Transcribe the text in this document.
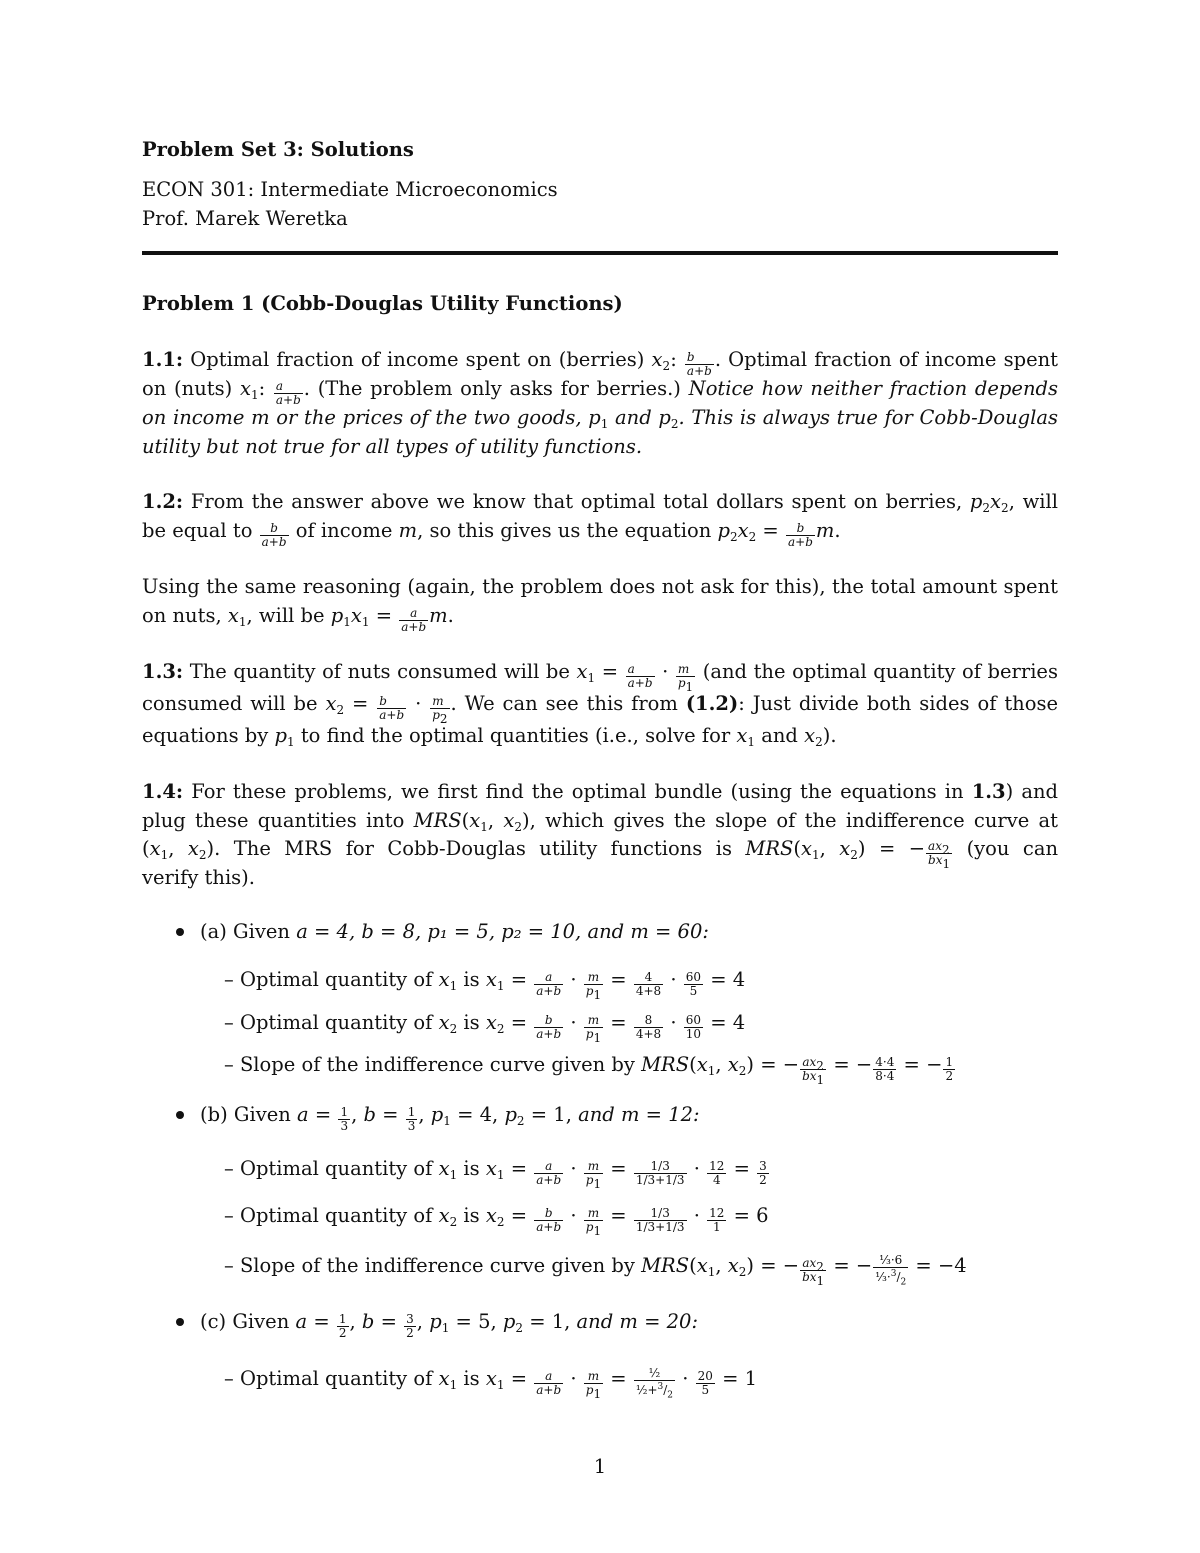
Problem Set 3: Solutions
ECON 301: Intermediate Microeconomics
Prof. Marek Weretka
Problem 1 (Cobb-Douglas Utility Functions)
1.1: Optimal fraction of income spent on (berries) $x_2$: $\frac{b}{a+b}$ . Optimal fraction of income spent
on (nuts) $x_1$: $\frac{a}{a+b}$ . (The problem only asks for berries.) Notice how neither fraction depends
on income m or the prices of the two goods, $p_1$ and $p_2$. This is always true for Cobb-Douglas
utility but not true for all types of utility functions.
1.2: From the answer above we know that optimal total dollars spent on berries, $p_2x_2$, will
be equal to $\frac{b}{a+b}$ of income m, so this gives us the equation $p_2x_2 = \frac{b}{a+b} m$.
Using the same reasoning (again, the problem does not ask for this), the total amount spent
on nuts, $x_1$, will be $p_1x_1 = \frac{a}{a+b} m$.
1.3: The quantity of nuts consumed will be $x_1 = \frac{a}{a+b} \cdot \frac{m}{p_1} (and$ the optimal quantity of berries
consumed will be $x_2 = \frac{b}{a+b} \cdot \frac{m}{p_2}$ . We can see this from (1.2): Just divide both sides of those
equations by $p_1$ to find the optimal quantities (i.e., solve for $x_1$ and $x_2$).
1.4: For these problems, we first find the optimal bundle (using the equations in 1.3) and
plug these quantities into $MRS(x_1$, $x_2$), which gives the slope of the indifference curve at
($x_1$, $x_2$). The MRS for Cobb-Douglas utility functions is $MRS(x_1$, $x_2$) = − $\frac{ax_2}{bx_1} (you$ can
verify this).
(a) Given a = 4, b = 8, p₁ = 5, p₂ = 10, and m = 60:
– Optimal quantity of $x_1$ is $x_1 = \frac{a}{a+b} \cdot \frac{m}{p_1} = \frac{4}{4+8} \cdot \frac{60}{5} = 4$
– Optimal quantity of $x_2$ is $x_2 = \frac{b}{a+b} \cdot \frac{m}{p_1} = \frac{8}{4+8} \cdot \frac{60}{10} = 4$
– Slope of the indifference curve given by $MRS(x_1$, $x_2$) = − $\frac{ax_2}{bx_1}$ = − $\frac{4\cdot 4}{8\cdot 4}$ = − $\frac{1}{2}$
(b) Given $a = \frac{1}{3}$ , $b = \frac{1}{3}$ , $p_1 = 4$, $p_2 = 1$, and m = 12:
– Optimal quantity of $x_1$ is $x_1 = \frac{a}{a+b} \cdot \frac{m}{p_1} = \frac{1/3}{1/3+1/3} \cdot \frac{12}{4} = \frac{3}{2}$
– Optimal quantity of $x_2$ is $x_2 = \frac{b}{a+b} \cdot \frac{m}{p_1} = \frac{1/3}{1/3+1/3} \cdot \frac{12}{1} = 6$
– Slope of the indifference curve given by $MRS(x_1$, $x_2$) = − $\frac{ax_2}{bx_1}$ = − $\frac{\text{⅓·6}}{\frac{1}{3}\cdot^3/_2} = -4$
(c) Given $a = \frac{1}{2}$ , $b = \frac{3}{2}$ , $p_1 = 5$, $p_2 = 1$, and m = 20:
– Optimal quantity of $x_1$ is $x_1 = \frac{a}{a+b} \cdot \frac{m}{p_1} = \frac{\text{½}}{\frac{1}{2}+^3/_2} \cdot \frac{20}{5} = 1$
1
